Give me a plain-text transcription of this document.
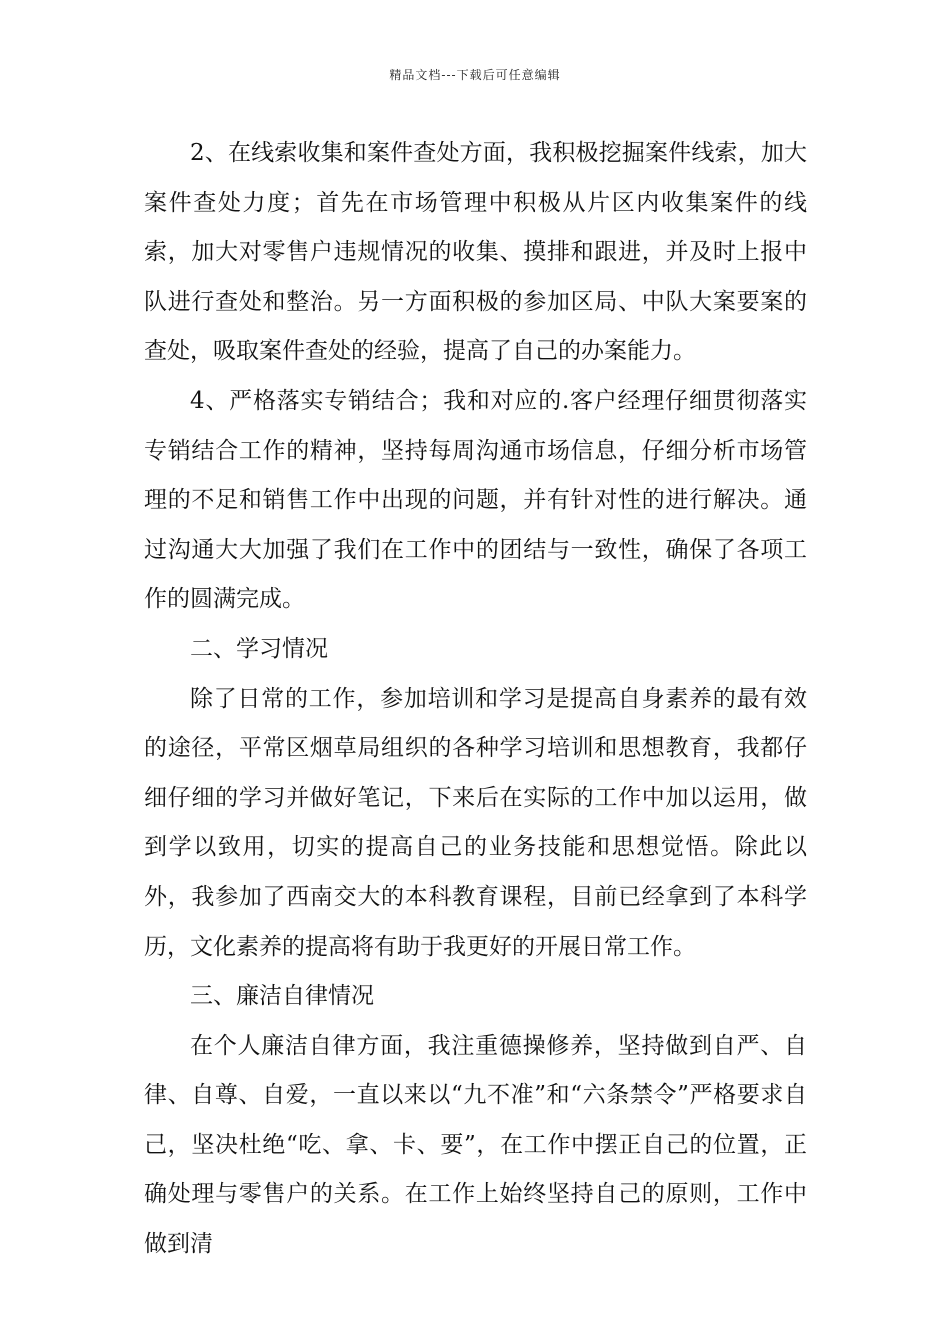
精品文档---下载后可任意编辑

2、在线索收集和案件查处方面，我积极挖掘案件线索，加大案件查处力度；首先在市场管理中积极从片区内收集案件的线索，加大对零售户违规情况的收集、摸排和跟进，并及时上报中队进行查处和整治。另一方面积极的参加区局、中队大案要案的查处，吸取案件查处的经验，提高了自己的办案能力。

4、严格落实专销结合；我和对应的.客户经理仔细贯彻落实专销结合工作的精神，坚持每周沟通市场信息，仔细分析市场管理的不足和销售工作中出现的问题，并有针对性的进行解决。通过沟通大大加强了我们在工作中的团结与一致性，确保了各项工作的圆满完成。

二、学习情况

除了日常的工作，参加培训和学习是提高自身素养的最有效的途径，平常区烟草局组织的各种学习培训和思想教育，我都仔细仔细的学习并做好笔记，下来后在实际的工作中加以运用，做到学以致用，切实的提高自己的业务技能和思想觉悟。除此以外，我参加了西南交大的本科教育课程，目前已经拿到了本科学历，文化素养的提高将有助于我更好的开展日常工作。

三、廉洁自律情况

在个人廉洁自律方面，我注重德操修养，坚持做到自严、自律、自尊、自爱，一直以来以“九不准”和“六条禁令”严格要求自己，坚决杜绝“吃、拿、卡、要”，在工作中摆正自己的位置，正确处理与零售户的关系。在工作上始终坚持自己的原则，工作中做到清
